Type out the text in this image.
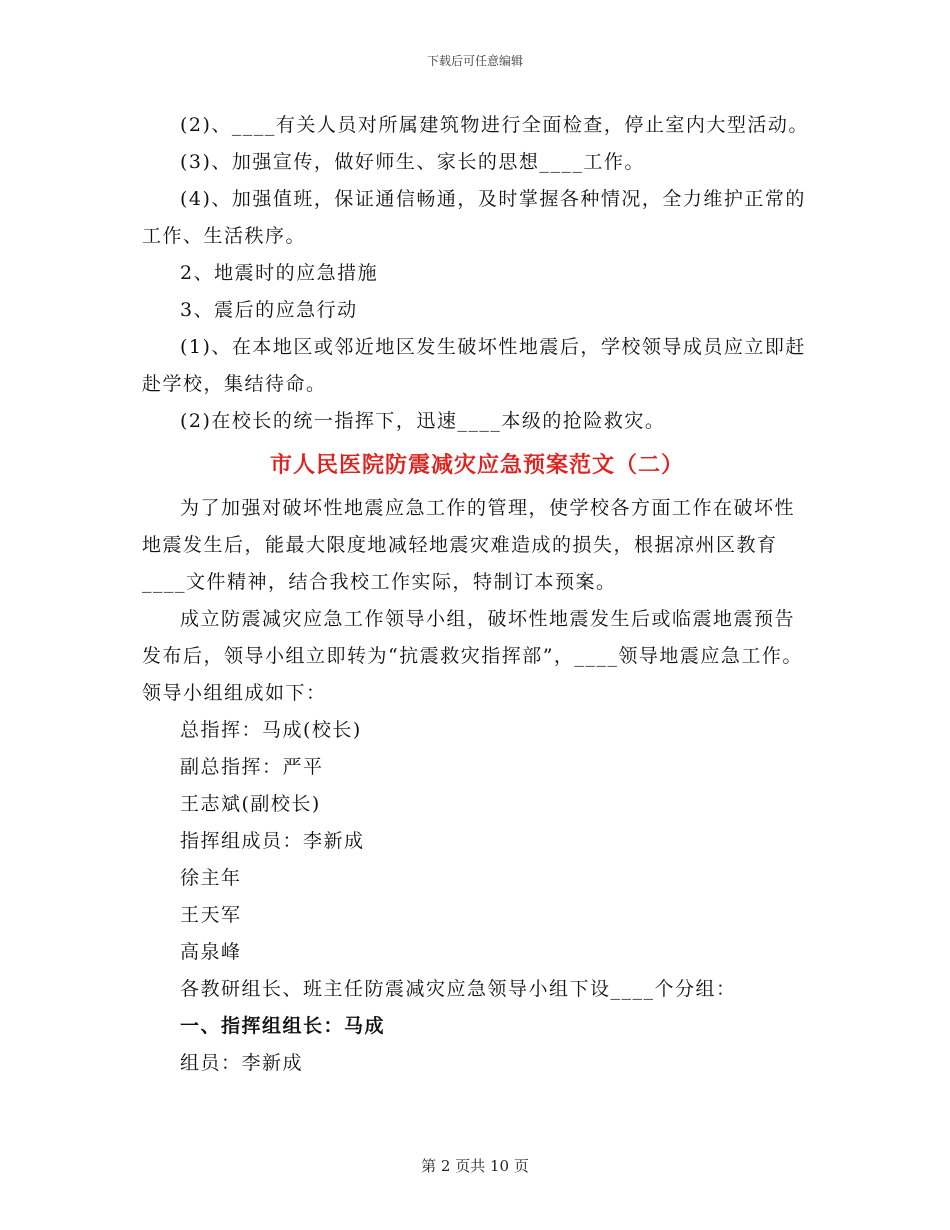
下载后可任意编辑

(2)、____有关人员对所属建筑物进行全面检查，停止室内大型活动。

(3)、加强宣传，做好师生、家长的思想____工作。

(4)、加强值班，保证通信畅通，及时掌握各种情况，全力维护正常的工作、生活秩序。

2、地震时的应急措施

3、震后的应急行动

(1)、在本地区或邻近地区发生破坏性地震后，学校领导成员应立即赶赴学校，集结待命。

(2)在校长的统一指挥下，迅速____本级的抢险救灾。

市人民医院防震减灾应急预案范文（二）

为了加强对破坏性地震应急工作的管理，使学校各方面工作在破坏性地震发生后，能最大限度地减轻地震灾难造成的损失，根据凉州区教育____文件精神，结合我校工作实际，特制订本预案。

成立防震减灾应急工作领导小组，破坏性地震发生后或临震地震预告发布后，领导小组立即转为“抗震救灾指挥部”，____领导地震应急工作。领导小组组成如下：

总指挥：马成(校长)

副总指挥：严平

王志斌(副校长)

指挥组成员：李新成

徐主年

王天军

高泉峰

各教研组长、班主任防震减灾应急领导小组下设____个分组：

一、指挥组组长：马成

组员：李新成

第 2 页共 10 页
